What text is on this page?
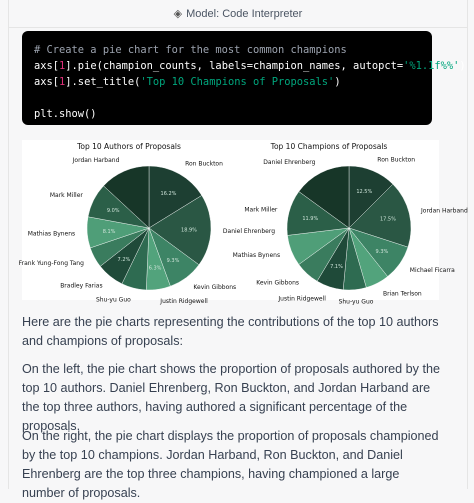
◈ Model: Code Interpreter
# Create a pie chart for the most common champions
axs[1].pie(champion_counts, labels=champion_names, autopct='%1.1f%%')
axs[1].set_title('Top 10 Champions of Proposals')
plt.show()
Top 10 Authors of Proposals
Ron Buckton
16.2%
Daniel Ehrenberg
18.9%
Kevin Gibbons
9.3%
Justin Ridgewell
6.3%
Shu-yu Guo
Bradley Farias
7.2%
Frank Yung-Fong Tang
Mathias Bynens	8.1%
Mark Miller
9.0%
Jordan Harband
Top 10 Champions of Proposals
Ron Buckton
12.5%
Jordan Harband
17.5%
Michael Ficarra
9.3%
Brian Terlson
Shu-yu Guo
Justin Ridgewell
7.1%
Kevin Gibbons
Mathias Bynens
Mark Miller
11.9%
Daniel Ehrenberg

Here are the pie charts representing the contributions of the top 10 authors and champions of proposals:

On the left, the pie chart shows the proportion of proposals authored by the top 10 authors. Daniel Ehrenberg, Ron Buckton, and Jordan Harband are the top three authors, having authored a significant percentage of the proposals.

On the right, the pie chart displays the proportion of proposals championed by the top 10 champions. Jordan Harband, Ron Buckton, and Daniel Ehrenberg are the top three champions, having championed a large number of proposals.
